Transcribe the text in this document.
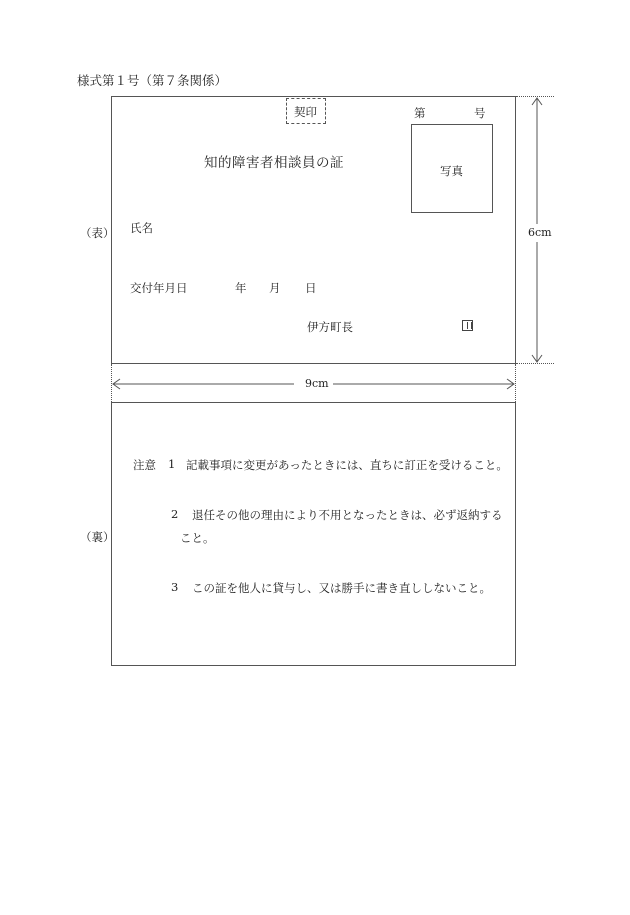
様式第１号（第７条関係）
（表）
契印	第	号
写真
知的障害者相談員の証
氏名
交付年月日	年 月 日
伊方町長
6cm
9cm
（裏）
注意 1 記載事項に変更があったときには、直ちに訂正を受けること。
2 退任その他の理由により不用となったときは、必ず返納する
こと。
3 この証を他人に貸与し、又は勝手に書き直ししないこと。
